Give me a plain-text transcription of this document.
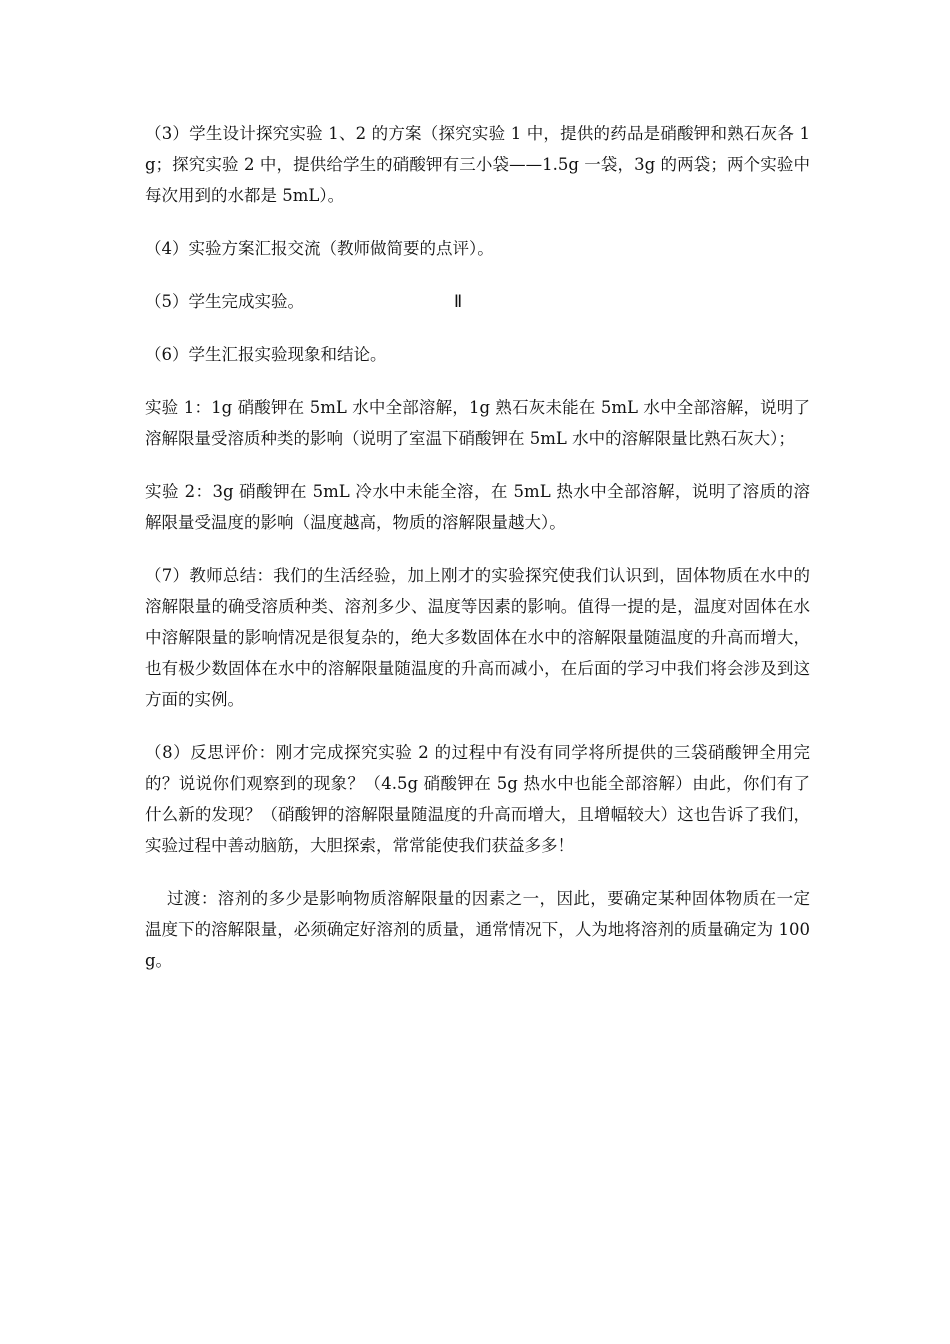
（3）学生设计探究实验 1、2 的方案（探究实验 1 中，提供的药品是硝酸钾和熟石灰各 1g；探究实验 2 中，提供给学生的硝酸钾有三小袋——1.5g 一袋，3g 的两袋；两个实验中每次用到的水都是 5mL）。

（4）实验方案汇报交流（教师做简要的点评）。

（5）学生完成实验。	Ⅱ

（6）学生汇报实验现象和结论。

实验 1：1g 硝酸钾在 5mL 水中全部溶解，1g 熟石灰未能在 5mL 水中全部溶解，说明了溶解限量受溶质种类的影响（说明了室温下硝酸钾在 5mL 水中的溶解限量比熟石灰大）；

实验 2：3g 硝酸钾在 5mL 冷水中未能全溶，在 5mL 热水中全部溶解，说明了溶质的溶解限量受温度的影响（温度越高，物质的溶解限量越大）。

（7）教师总结：我们的生活经验，加上刚才的实验探究使我们认识到，固体物质在水中的溶解限量的确受溶质种类、溶剂多少、温度等因素的影响。值得一提的是，温度对固体在水中溶解限量的影响情况是很复杂的，绝大多数固体在水中的溶解限量随温度的升高而增大，也有极少数固体在水中的溶解限量随温度的升高而减小，在后面的学习中我们将会涉及到这方面的实例。

（8）反思评价：刚才完成探究实验 2 的过程中有没有同学将所提供的三袋硝酸钾全用完的？说说你们观察到的现象？（4.5g 硝酸钾在 5g 热水中也能全部溶解）由此，你们有了什么新的发现？（硝酸钾的溶解限量随温度的升高而增大，且增幅较大）这也告诉了我们，实验过程中善动脑筋，大胆探索，常常能使我们获益多多！

过渡：溶剂的多少是影响物质溶解限量的因素之一，因此，要确定某种固体物质在一定温度下的溶解限量，必须确定好溶剂的质量，通常情况下，人为地将溶剂的质量确定为 100g。
